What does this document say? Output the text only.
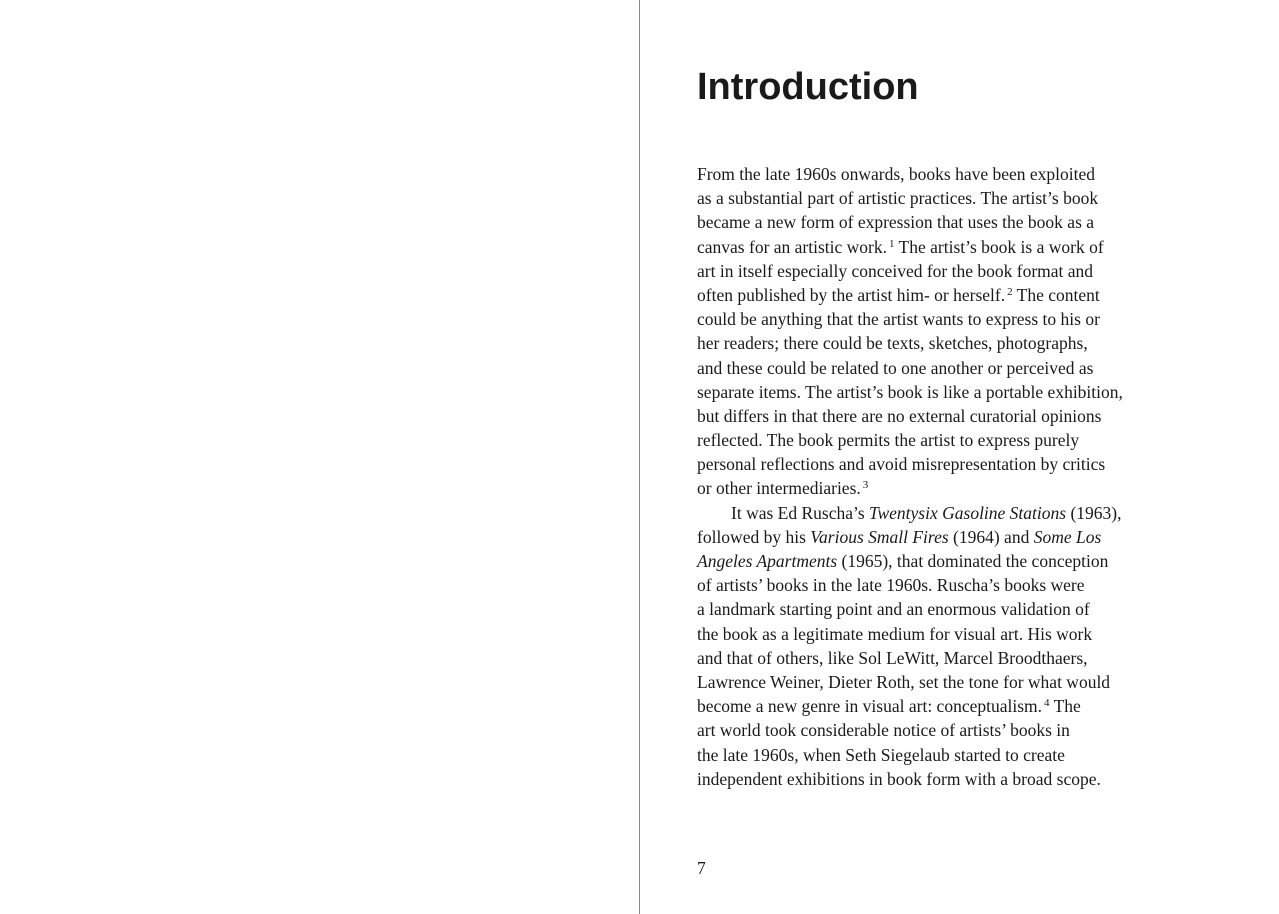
Introduction
From the late 1960s onwards, books have been exploited
as a substantial part of artistic practices. The artist’s book
became a new form of expression that uses the book as a
canvas for an artistic work. $^1$ The artist’s book is a work of
art in itself especially conceived for the book format and
often published by the artist him- or herself. $^2$ The content
could be anything that the artist wants to express to his or
her readers; there could be texts, sketches, photographs,
and these could be related to one another or perceived as
separate items. The artist’s book is like a portable exhibition,
but differs in that there are no external curatorial opinions
reflected. The book permits the artist to express purely
personal reflections and avoid misrepresentation by critics
or other intermediaries. $^3$
It was Ed Ruscha’s Twentysix Gasoline Stations (1963),
followed by his Various Small Fires (1964) and Some Los
Angeles Apartments (1965), that dominated the conception
of artists’ books in the late 1960s. Ruscha’s books were
a landmark starting point and an enormous validation of
the book as a legitimate medium for visual art. His work
and that of others, like Sol LeWitt, Marcel Broodthaers,
Lawrence Weiner, Dieter Roth, set the tone for what would
become a new genre in visual art: conceptualism. $^4$ The
art world took considerable notice of artists’ books in
the late 1960s, when Seth Siegelaub started to create
independent exhibitions in book form with a broad scope.
7
